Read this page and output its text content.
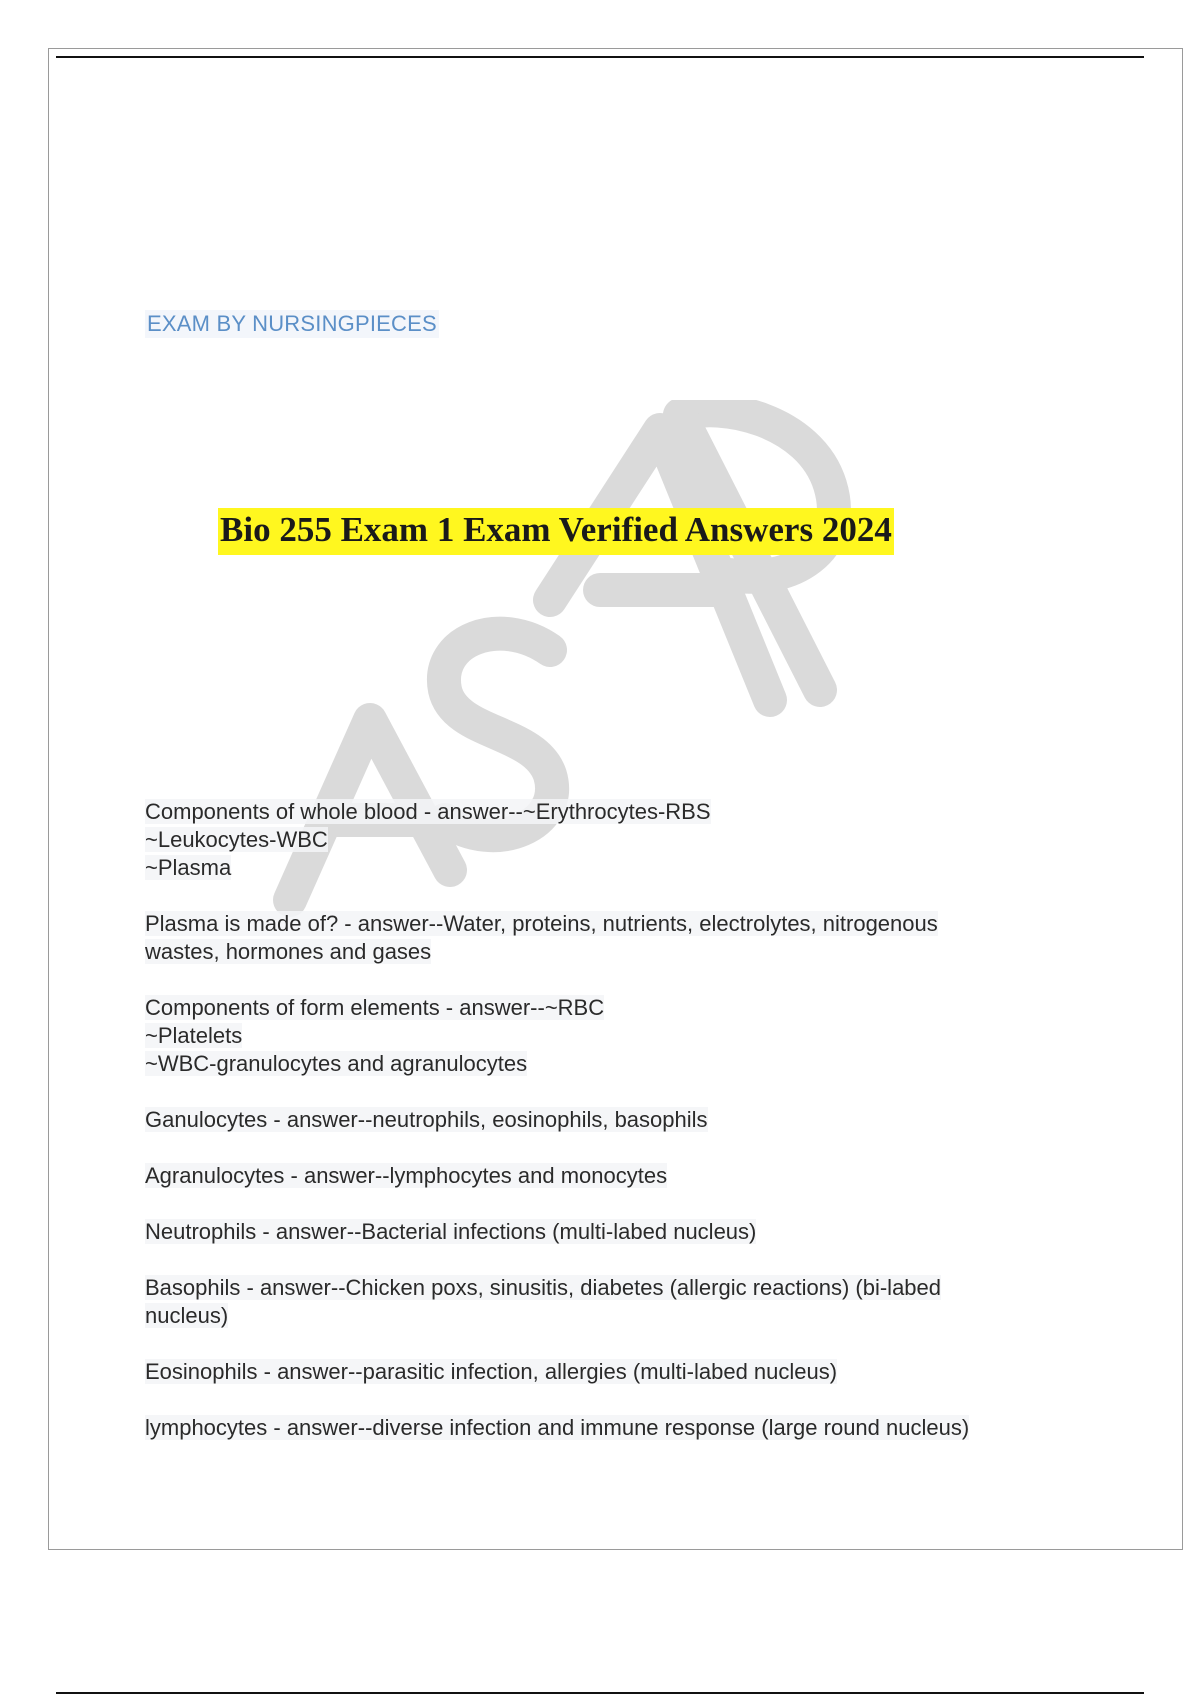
EXAM BY NURSINGPIECES
Bio 255 Exam 1 Exam Verified Answers 2024
Components of whole blood - answer--~Erythrocytes-RBS
~Leukocytes-WBC
~Plasma
Plasma is made of? - answer--Water, proteins, nutrients, electrolytes, nitrogenous
wastes, hormones and gases
Components of form elements - answer--~RBC
~Platelets
~WBC-granulocytes and agranulocytes
Ganulocytes - answer--neutrophils, eosinophils, basophils
Agranulocytes - answer--lymphocytes and monocytes
Neutrophils - answer--Bacterial infections (multi-labed nucleus)
Basophils - answer--Chicken poxs, sinusitis, diabetes (allergic reactions) (bi-labed
nucleus)
Eosinophils - answer--parasitic infection, allergies (multi-labed nucleus)
lymphocytes - answer--diverse infection and immune response (large round nucleus)
